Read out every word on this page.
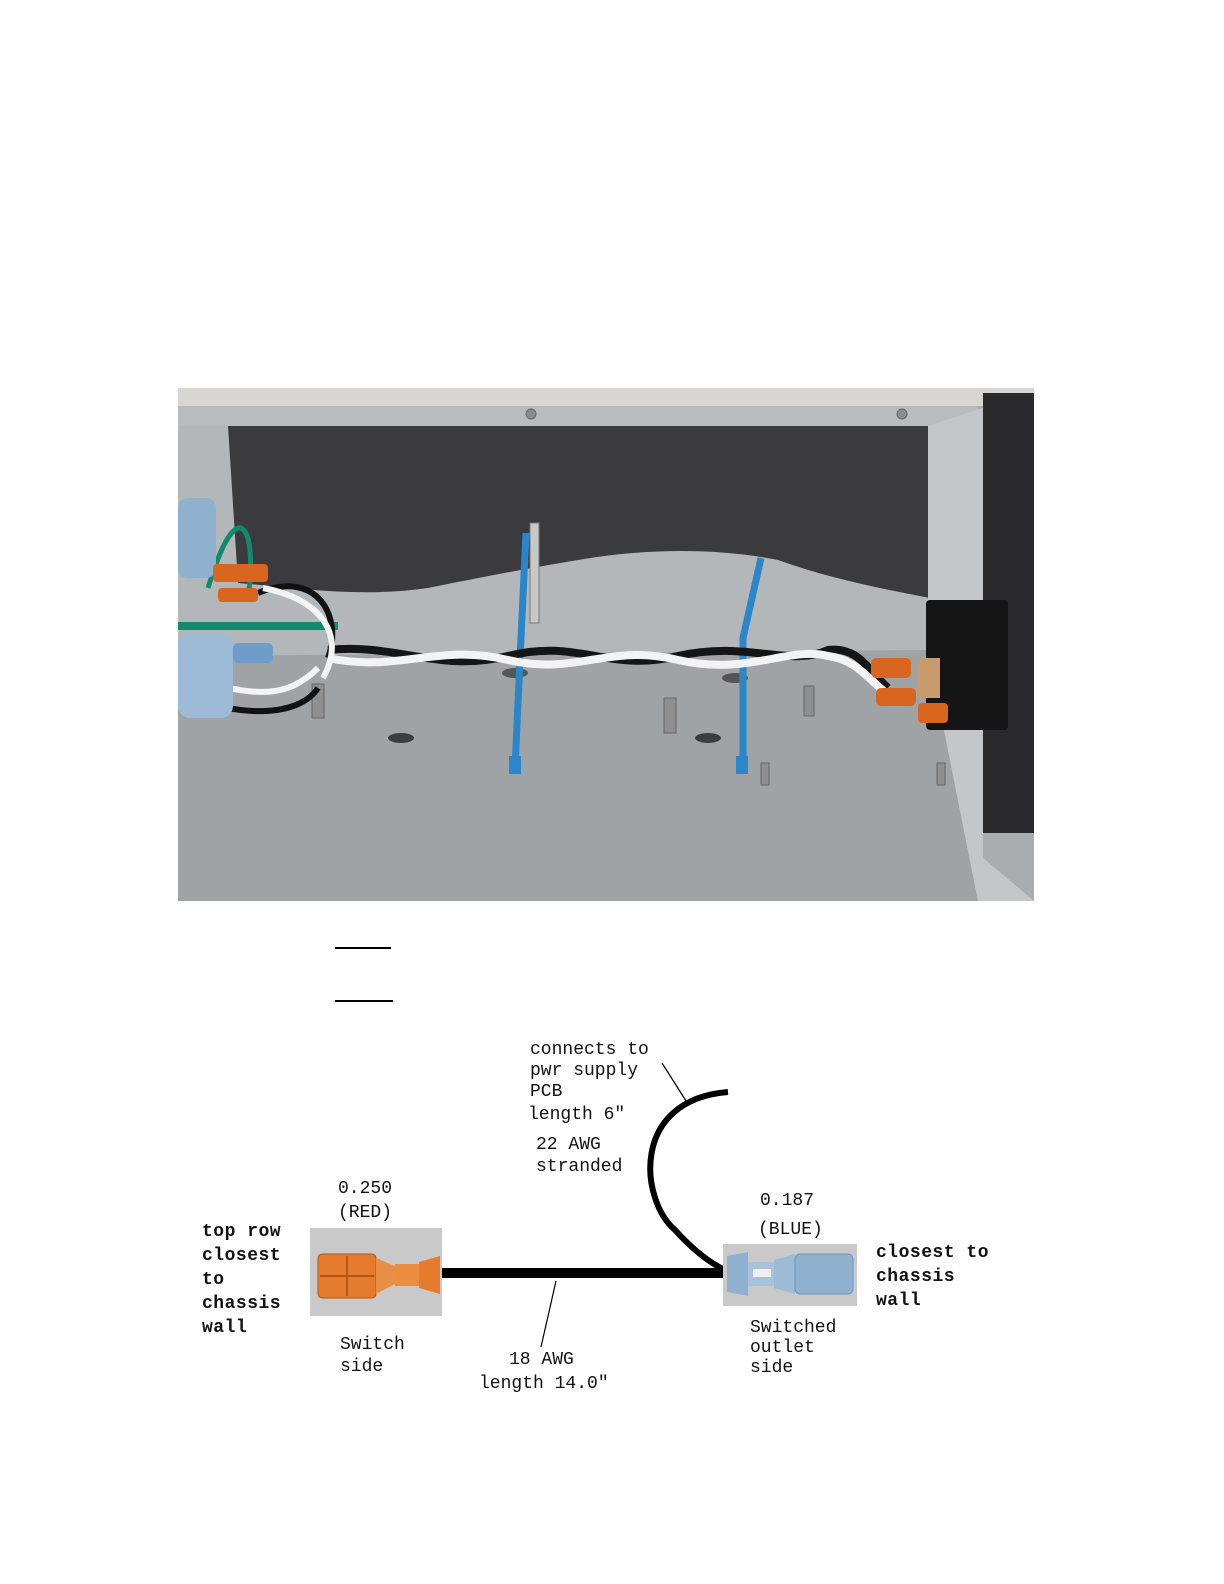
connects to
pwr supply
PCB
length 6"
22 AWG
stranded
0.250
(RED)
top row
closest
to
chassis
wall
Switch
side	18 AWG
length 14.0"
0.187
(BLUE)
closest to
chassis
wall
Switched
outlet
side
